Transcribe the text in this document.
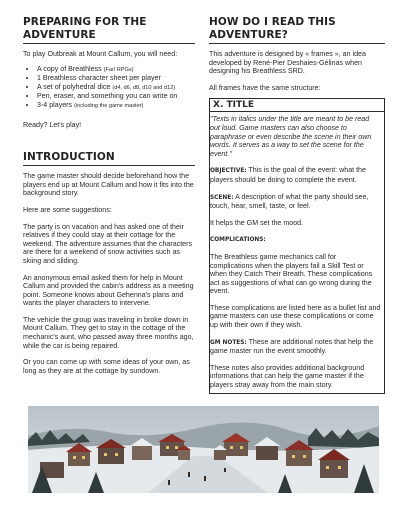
PREPARING FOR THE ADVENTURE

To play Outbreak at Mount Callum, you will need:

• A copy of Breathless (Farl RPGs)
• 1 Breathless character sheet per player
• A set of polyhedral dice (d4, d6, d8, d10 and d12)
• Pen, eraser, and something you can write on
• 3-4 players (including the game master)

Ready? Let's play!

INTRODUCTION

The game master should decide beforehand how the players end up at Mount Callum and how it fits into the background story.

Here are some suggestions:

The party is on vacation and has asked one of their relatives if they could stay at their cottage for the weekend. The adventure assumes that the characters are there for a weekend of snow activities such as skiing and sliding.

An anonymous email asked them for help in Mount Callum and provided the cabin's address as a meeting point. Someone knows about Gehenna's plans and wants the player characters to intervene.

The vehicle the group was traveling in broke down in Mount Callum. They get to stay in the cottage of the mechanic's aunt, who passed away three months ago, while the car is being repaired.

Or you can come up with some ideas of your own, as long as they are at the cottage by sundown.

HOW DO I READ THIS ADVENTURE?

This adventure is designed by « frames », an idea developed by René-Pier Deshaies-Gélinas when designing his Breathless SRD.

All frames have the same structure:

X. TITLE

"Texts in italics under the title are meant to be read out loud. Game masters can also choose to paraphrase or even describe the scene in their own words. It serves as a way to set the scene for the event."

OBJECTIVE: This is the goal of the event: what the players should be doing to complete the event.

SCENE: A description of what the party should see, touch, hear, smell, taste, or feel.

It helps the GM set the mood.

COMPLICATIONS:

The Breathless game mechanics call for complications when the players fail a Skill Test or when they Catch Their Breath. These complications act as suggestions of what can go wrong during the event.

These complications are listed here as a bullet list and game masters can use these complications or come up with their own if they wish.

GM NOTES: These are additional notes that help the game master run the event smoothly.

These notes also provides additional background informations that can help the game master if the players stray away from the main story.
